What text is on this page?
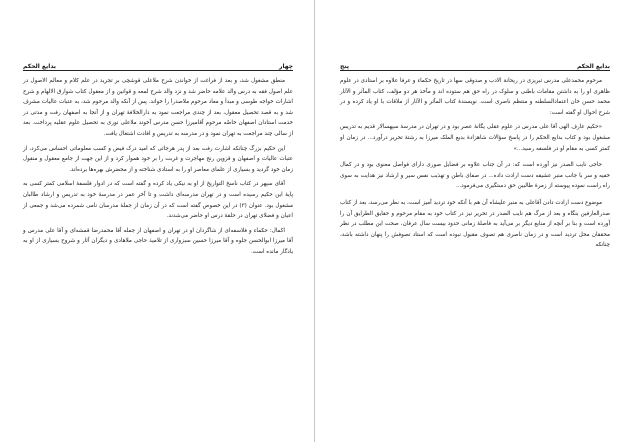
چهار
بدایع الحکم

منطق مشغول شد، و بعد از فراغت از خواندن شرح ملاعلی قوشچی بر تجرید در علم کلام و معالم الاصول در علم اصول فقه به درس والد علامه حاضر شد و نزد والد شرح لمعه و قوانین و از معقول کتاب شوارق الالهام و شرح اشارات خواجه طوسی و مبدأ و معاد مرحوم ملاصدرا را خواند. پس از آنکه والد مرحوم شد، به عتبات عالیات مشرف شد و به قصد تحصیل معقول، بعد از چندی مراجعت نمود به دارالخلافهٔ تهران و از آنجا به اصفهان رفت و مدتی در خدمت استادان اصفهان خاصّه مرحوم آقامیرزا حسن مدرس آخوند ملاعلی نوری به تحصیل علوم عقلیه پرداخت. بعد از سالی چند مراجعت به تهران نمود و در مدرسه به تدریس و افادت اشتغال یافت.

این حکیم بزرگ چنانکه اشارت رفت بعد از پدر هرجائی که امید درک فیض و کسب معلوماتی احساس می‌کرد، از عتبات عالیات و اصفهان و قزوین رنج مهاجرت و غربت را بر خود هموار کرد و از این جهت از جامع معقول و منقول زمان خود گردید و بسیاری از علمای معاصر او را به استادی شناخته و از محضرش بهره‌ها برده‌اند.

آقای سپهر در کتاب ناسخ التواریخ از او به نیکی یاد کرده و گفته است که در ادوار فلسفهٔ اسلامی کمتر کسی به پایهٔ این حکیم رسیده است و در تهران مدرسه‌ای داشت و تا آخر عمر در مدرسهٔ خود به تدریس و ارشاد طالبان مشغول بود. عنوان (۳) در این خصوص گفته است که در آن زمان از جملهٔ مدرسان نامی شمرده می‌شد و جمعی از اعیان و فضلای تهران در حلقهٔ درس او حاضر می‌شدند.

اکمال: حکماء و فلاسفه‌ای از شاگردان او در تهران و اصفهان از جمله آقا محمدرضا قمشه‌ای و آقا علی مدرس و آقا میرزا ابوالحسن جلوه و آقا میرزا حسین سبزواری از تلامیذ حاجی ملاهادی و دیگران آثار و شروح بسیاری از او به یادگار مانده است.

بدایع الحکم
پنج

مرحوم محمدعلی مدرس تبریزی در ریحانة الادب و صدوقی سها در تاریخ حکماء و عرفا علاوه بر استادی در علوم ظاهری او را به داشتن مقامات باطنی و سلوک در راه حق هم ستوده اند و مآخذ هر دو مؤلف، کتاب المآثر و الآثار محمد حسن خان اعتمادالسلطنه و منتظم ناصری است. نویسندهٔ کتاب المآثر و الآثار از ملاقات با او یاد کرده و در شرح احوال او گفته است:

«حکیم عارف الهی آقا علی مدرس در علوم عقلی یگانهٔ عصر بود و در تهران در مدرسهٔ سپهسالار قدیم به تدریس مشغول بود و کتاب بدایع الحکم را در پاسخ سؤالات شاهزادهٔ بدیع الملک میرزا به رشتهٔ تحریر درآورد... در زمان او کمتر کسی به مقام او در فلسفه رسید...»

حاجی نایب الصدر نیز آورده است که: در آن جناب علاوه بر فضایل صوری دارای فواصل معنوی بود و در کمال خفیه و سر با جانب منبر عشیقه دست ارادت داده... در صفای باطن و تهذیب نفس سیر و ارشاد نیز هدایت به سوی راه راست نموده پیوسته از زمرهٔ طالبین حق دستگیری می‌فرمود...

موضوع دست ارادت دادن آقاعلی به منبر علیشاه آن هم با آنکه خود تردید آمیز است، به نظر می‌رسد، بعد از کتاب صدرالعارفین بنگاه و بعد از مرگ هم نایب الصدر در تحریر نیز در کتاب خود به مقام مرحوم و حقایق الطرایق آن را آورده است و بنا بر آنچه از منابع دیگر بر می‌آید به فاصلهٔ زمانی حدود بیست سال عرفان، صحت این مطلب در نظر محققان محل تردید است و در زمان ناصری هم تصوف مقبول نبوده است که استاد تصوفش را پنهان داشته باشد، چنانکه
